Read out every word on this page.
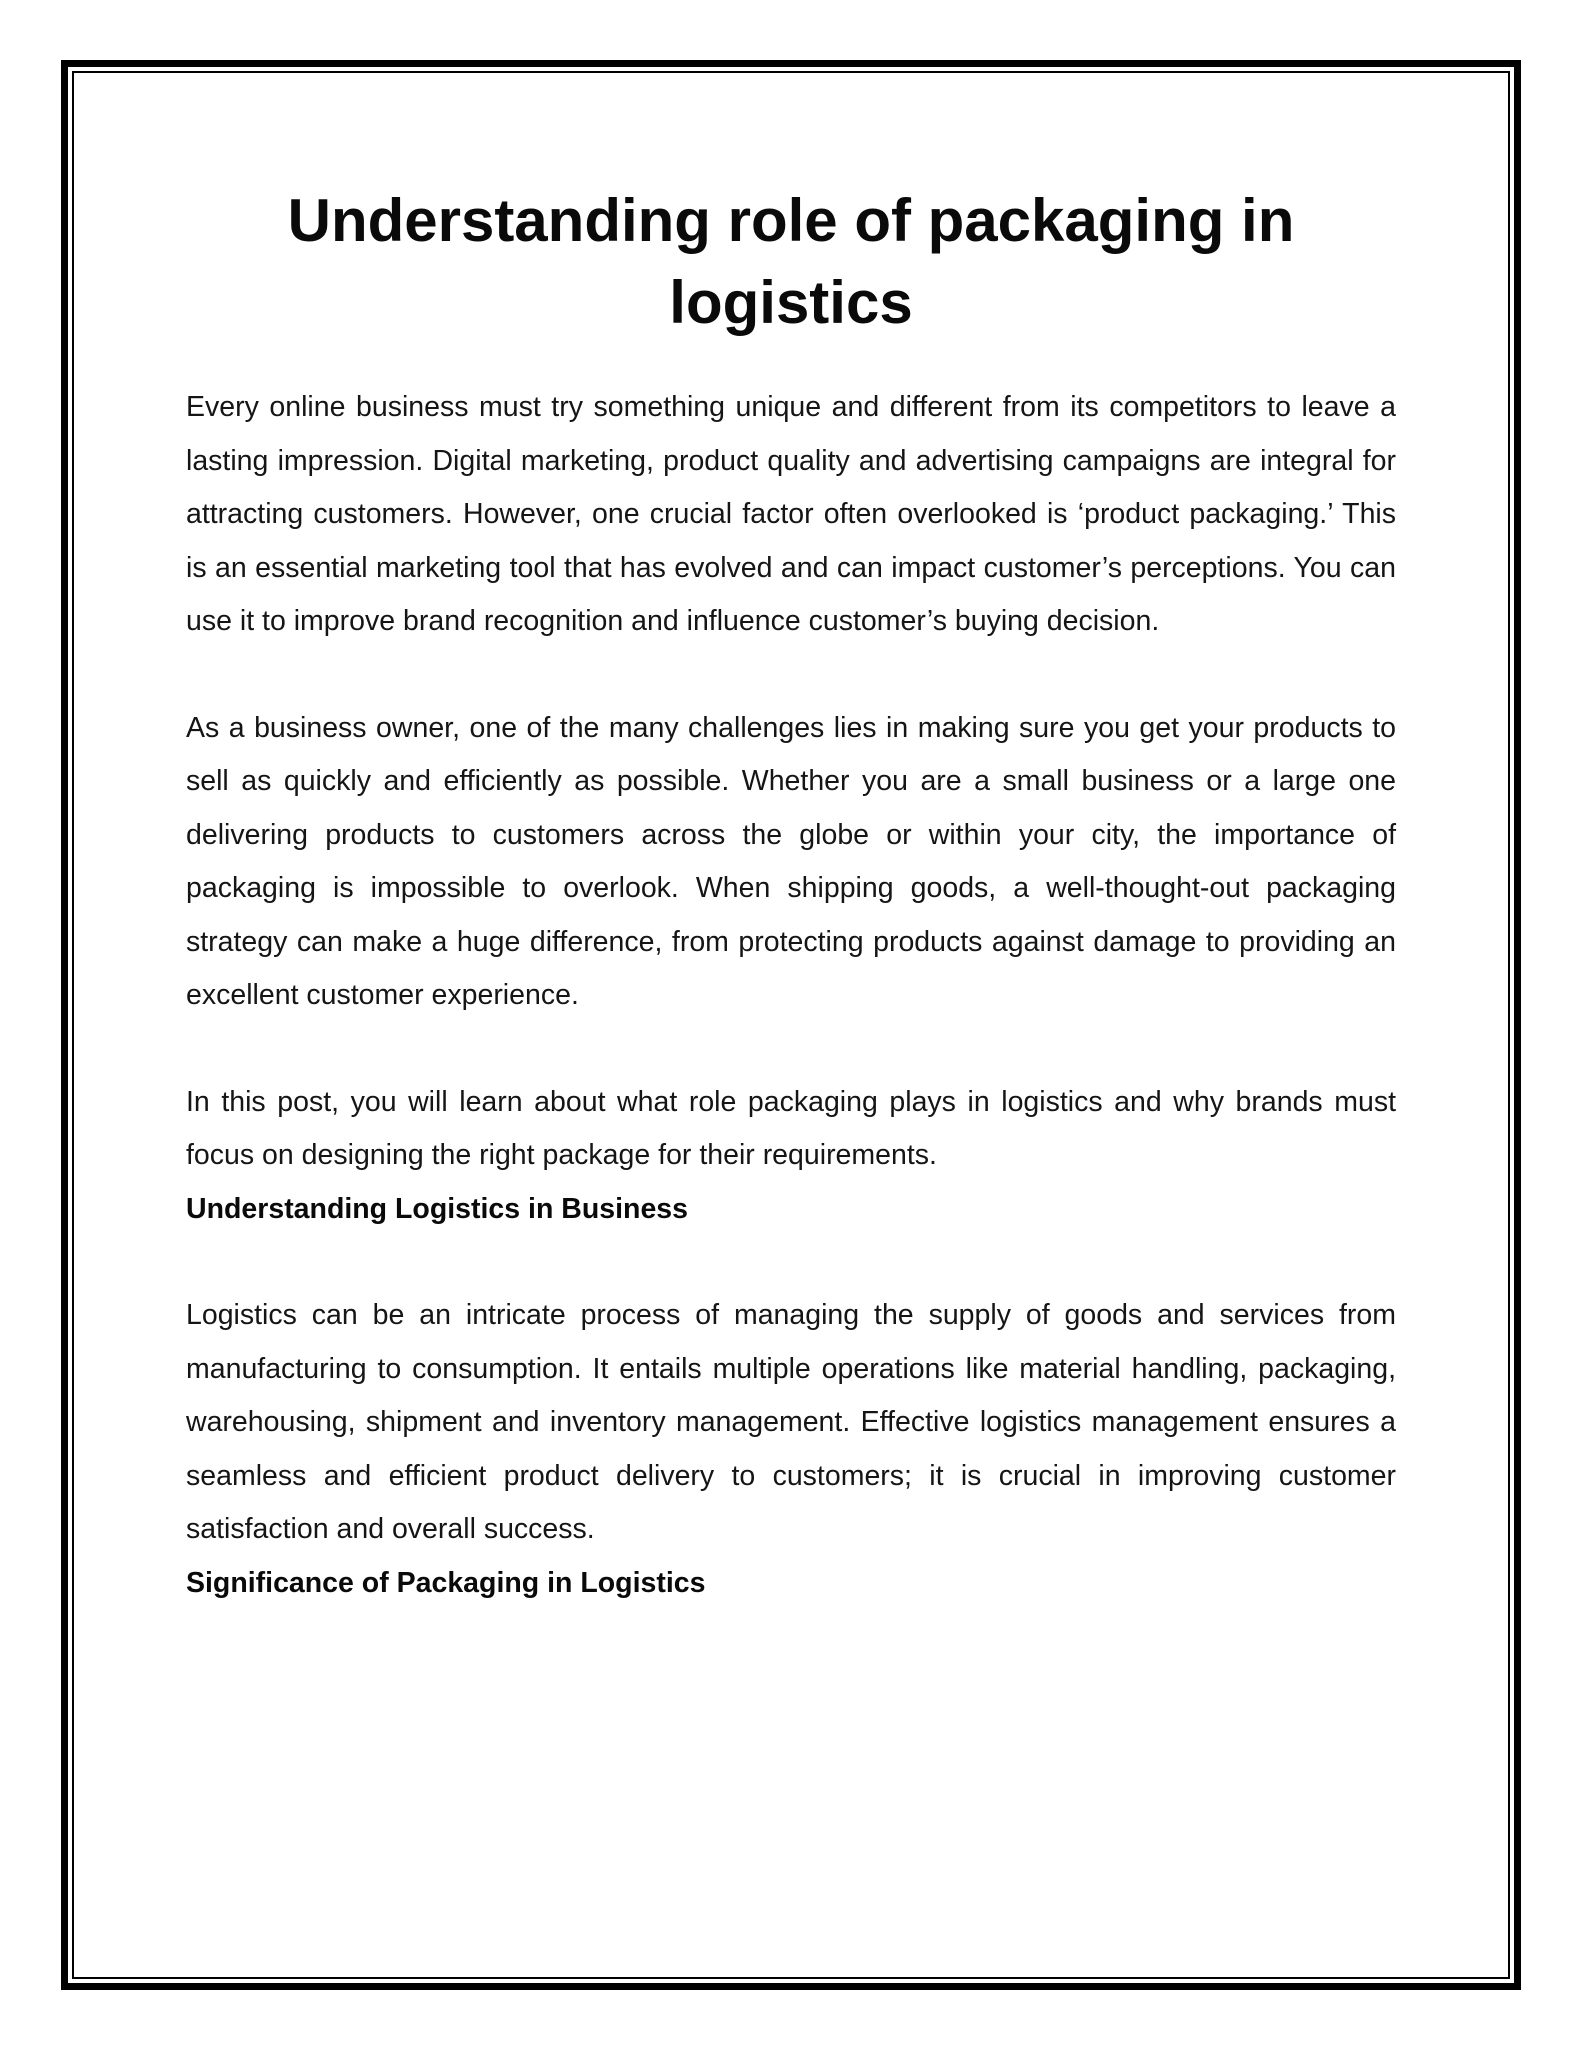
Understanding role of packaging in logistics

Every online business must try something unique and different from its competitors to leave a lasting impression. Digital marketing, product quality and advertising campaigns are integral for attracting customers. However, one crucial factor often overlooked is ‘product packaging.’ This is an essential marketing tool that has evolved and can impact customer’s perceptions. You can use it to improve brand recognition and influence customer’s buying decision.

As a business owner, one of the many challenges lies in making sure you get your products to sell as quickly and efficiently as possible. Whether you are a small business or a large one delivering products to customers across the globe or within your city, the importance of packaging is impossible to overlook. When shipping goods, a well-thought-out packaging strategy can make a huge difference, from protecting products against damage to providing an excellent customer experience.

In this post, you will learn about what role packaging plays in logistics and why brands must focus on designing the right package for their requirements.

Understanding Logistics in Business

Logistics can be an intricate process of managing the supply of goods and services from manufacturing to consumption. It entails multiple operations like material handling, packaging, warehousing, shipment and inventory management. Effective logistics management ensures a seamless and efficient product delivery to customers; it is crucial in improving customer satisfaction and overall success.

Significance of Packaging in Logistics
